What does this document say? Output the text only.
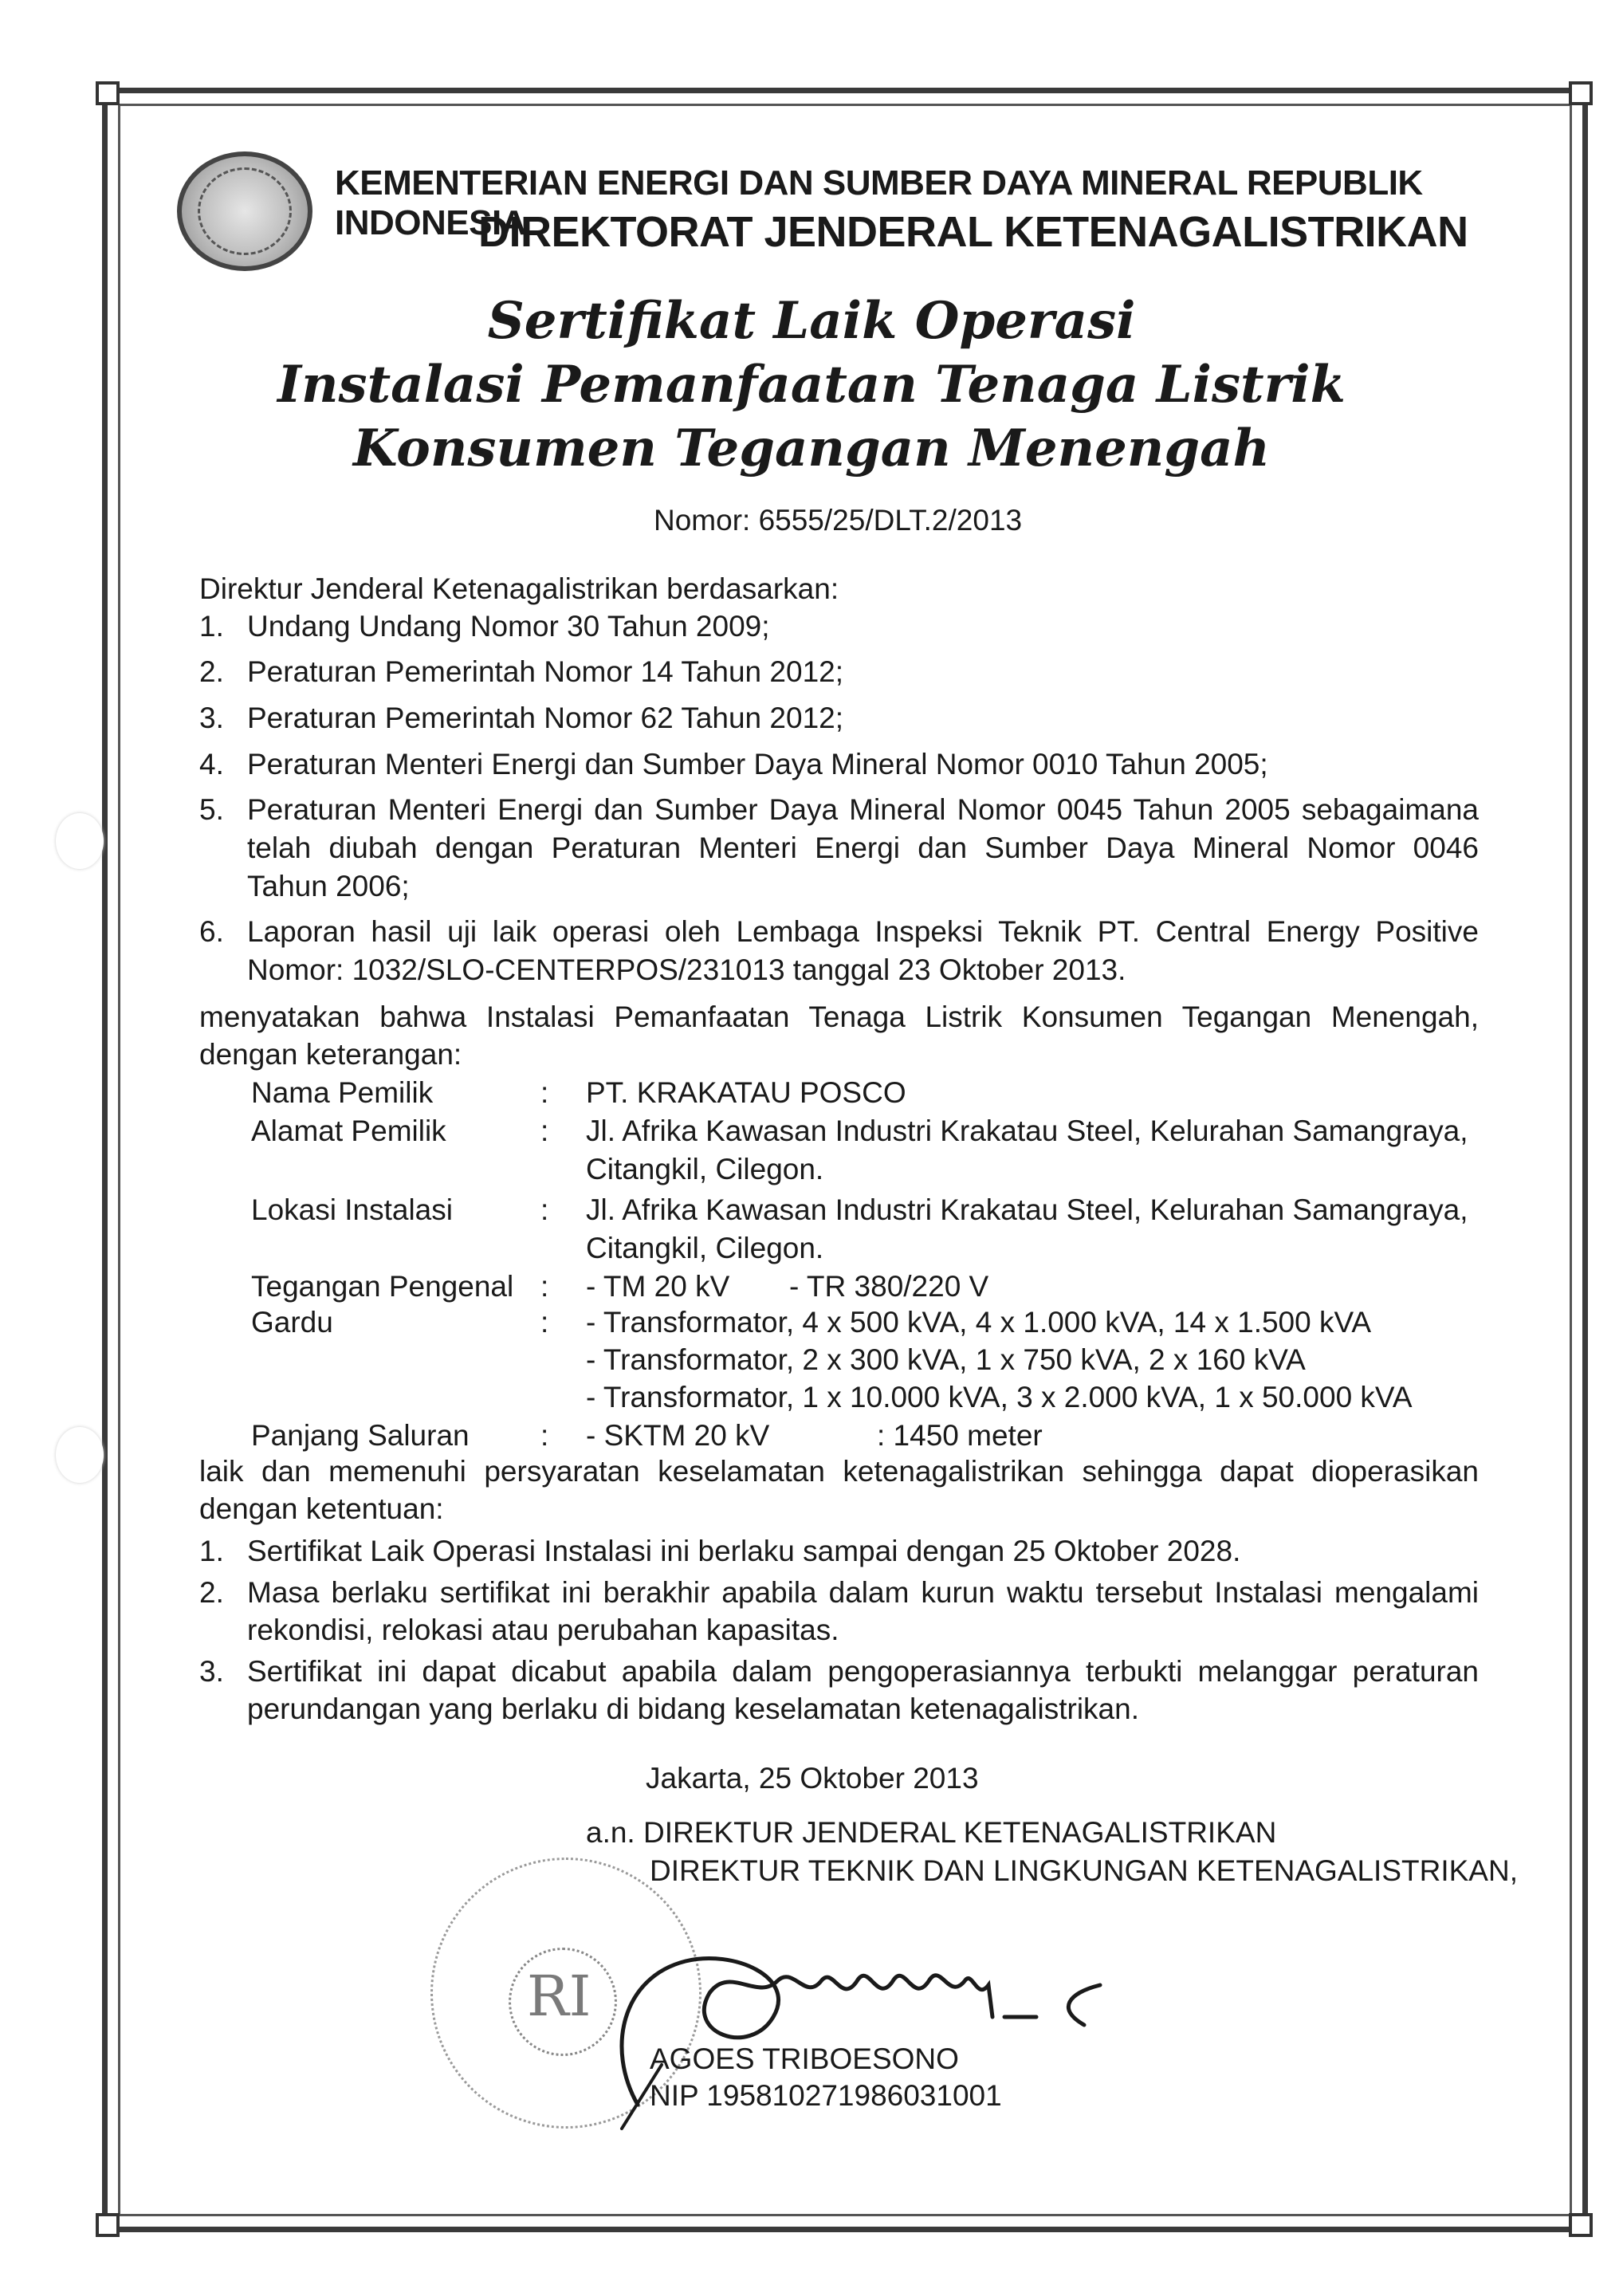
KEMENTERIAN ENERGI DAN SUMBER DAYA MINERAL REPUBLIK INDONESIA
DIREKTORAT JENDERAL KETENAGALISTRIKAN
Sertifikat Laik Operasi
Instalasi Pemanfaatan Tenaga Listrik
Konsumen Tegangan Menengah
Nomor: 6555/25/DLT.2/2013
Direktur Jenderal Ketenagalistrikan berdasarkan:
1. Undang Undang Nomor 30 Tahun 2009;
2. Peraturan Pemerintah Nomor 14 Tahun 2012;
3. Peraturan Pemerintah Nomor 62 Tahun 2012;
4. Peraturan Menteri Energi dan Sumber Daya Mineral Nomor 0010 Tahun 2005;
5. Peraturan Menteri Energi dan Sumber Daya Mineral Nomor 0045 Tahun 2005 sebagaimana
telah diubah dengan Peraturan Menteri Energi dan Sumber Daya Mineral Nomor 0046
Tahun 2006;
6. Laporan hasil uji laik operasi oleh Lembaga Inspeksi Teknik PT. Central Energy Positive
Nomor: 1032/SLO-CENTERPOS/231013 tanggal 23 Oktober 2013.
menyatakan bahwa Instalasi Pemanfaatan Tenaga Listrik Konsumen Tegangan Menengah,
dengan keterangan:
Nama Pemilik	: PT. KRAKATAU POSCO
Alamat Pemilik	: Jl. Afrika Kawasan Industri Krakatau Steel, Kelurahan Samangraya,
Citangkil, Cilegon.
Lokasi Instalasi	: Jl. Afrika Kawasan Industri Krakatau Steel, Kelurahan Samangraya,
Citangkil, Cilegon.
Tegangan Pengenal : - TM 20 kV - TR 380/220 V
Gardu	: - Transformator, 4 x 500 kVA, 4 x 1.000 kVA, 14 x 1.500 kVA
- Transformator, 2 x 300 kVA, 1 x 750 kVA, 2 x 160 kVA
- Transformator, 1 x 10.000 kVA, 3 x 2.000 kVA, 1 x 50.000 kVA
Panjang Saluran : - SKTM 20 kV	: 1450 meter
laik dan memenuhi persyaratan keselamatan ketenagalistrikan sehingga dapat dioperasikan
dengan ketentuan:
1. Sertifikat Laik Operasi Instalasi ini berlaku sampai dengan 25 Oktober 2028.
2. Masa berlaku sertifikat ini berakhir apabila dalam kurun waktu tersebut Instalasi mengalami
rekondisi, relokasi atau perubahan kapasitas.
3. Sertifikat ini dapat dicabut apabila dalam pengoperasiannya terbukti melanggar peraturan
perundangan yang berlaku di bidang keselamatan ketenagalistrikan.
Jakarta, 25 Oktober 2013
a.n. DIREKTUR JENDERAL KETENAGALISTRIKAN
DIREKTUR TEKNIK DAN LINGKUNGAN KETENAGALISTRIKAN,
RI
AGOES TRIBOESONO
NIP 195810271986031001
